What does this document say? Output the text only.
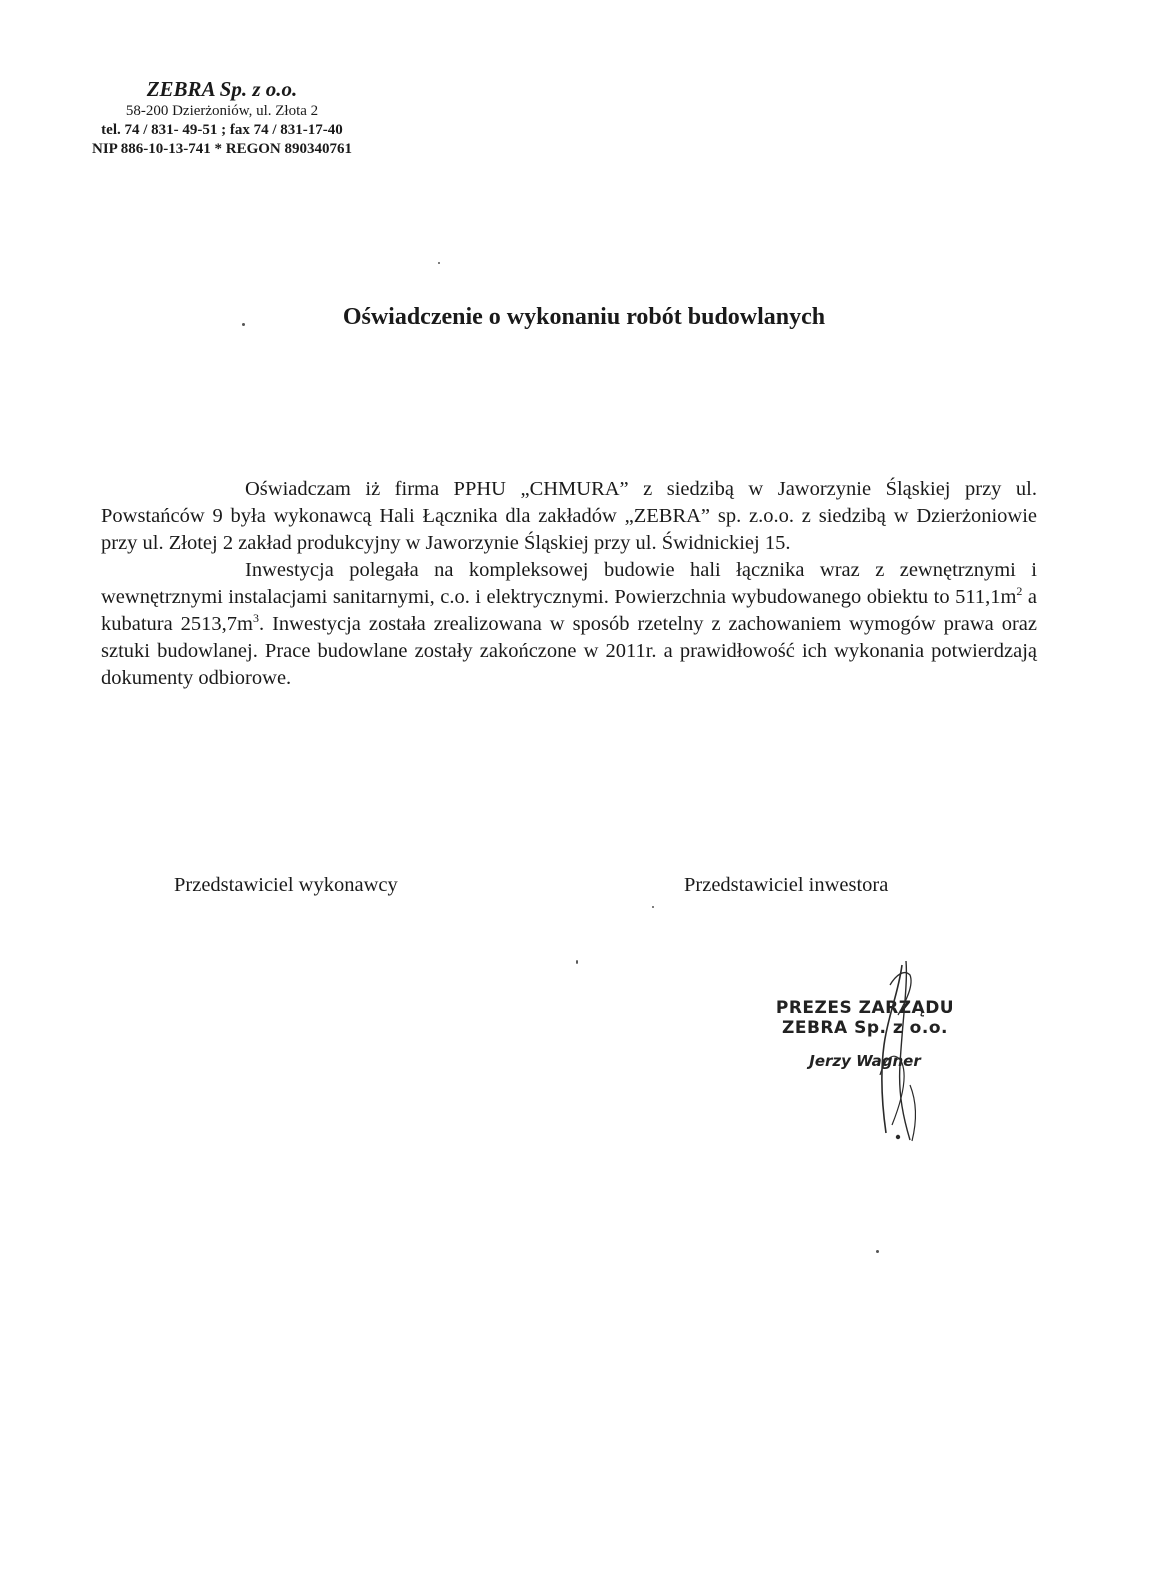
ZEBRA Sp. z o.o.
58-200 Dzierżoniów, ul. Złota 2
tel. 74 / 831- 49-51 ; fax 74 / 831-17-40
NIP 886-10-13-741 * REGON 890340761
Oświadczenie o wykonaniu robót budowlanych

Oświadczam iż firma PPHU „CHMURA” z siedzibą w Jaworzynie Śląskiej przy ul. Powstańców 9 była wykonawcą Hali Łącznika dla zakładów „ZEBRA” sp. z.o.o. z siedzibą w Dzierżoniowie przy ul. Złotej 2 zakład produkcyjny w Jaworzynie Śląskiej przy ul. Świdnickiej 15.

Inwestycja polegała na kompleksowej budowie hali łącznika wraz z zewnętrznymi i wewnętrznymi instalacjami sanitarnymi, c.o. i elektrycznymi. Powierzchnia wybudowanego obiektu to $511,1m^2$ a kubatura $2513,7m^3$. Inwestycja została zrealizowana w sposób rzetelny z zachowaniem wymogów prawa oraz sztuki budowlanej. Prace budowlane zostały zakończone w 2011r. a prawidłowość ich wykonania potwierdzają dokumenty odbiorowe.

Przedstawiciel wykonawcy	Przedstawiciel inwestora
PREZES ZARZĄDU
ZEBRA Sp. z o.o.
Jerzy Wagner
